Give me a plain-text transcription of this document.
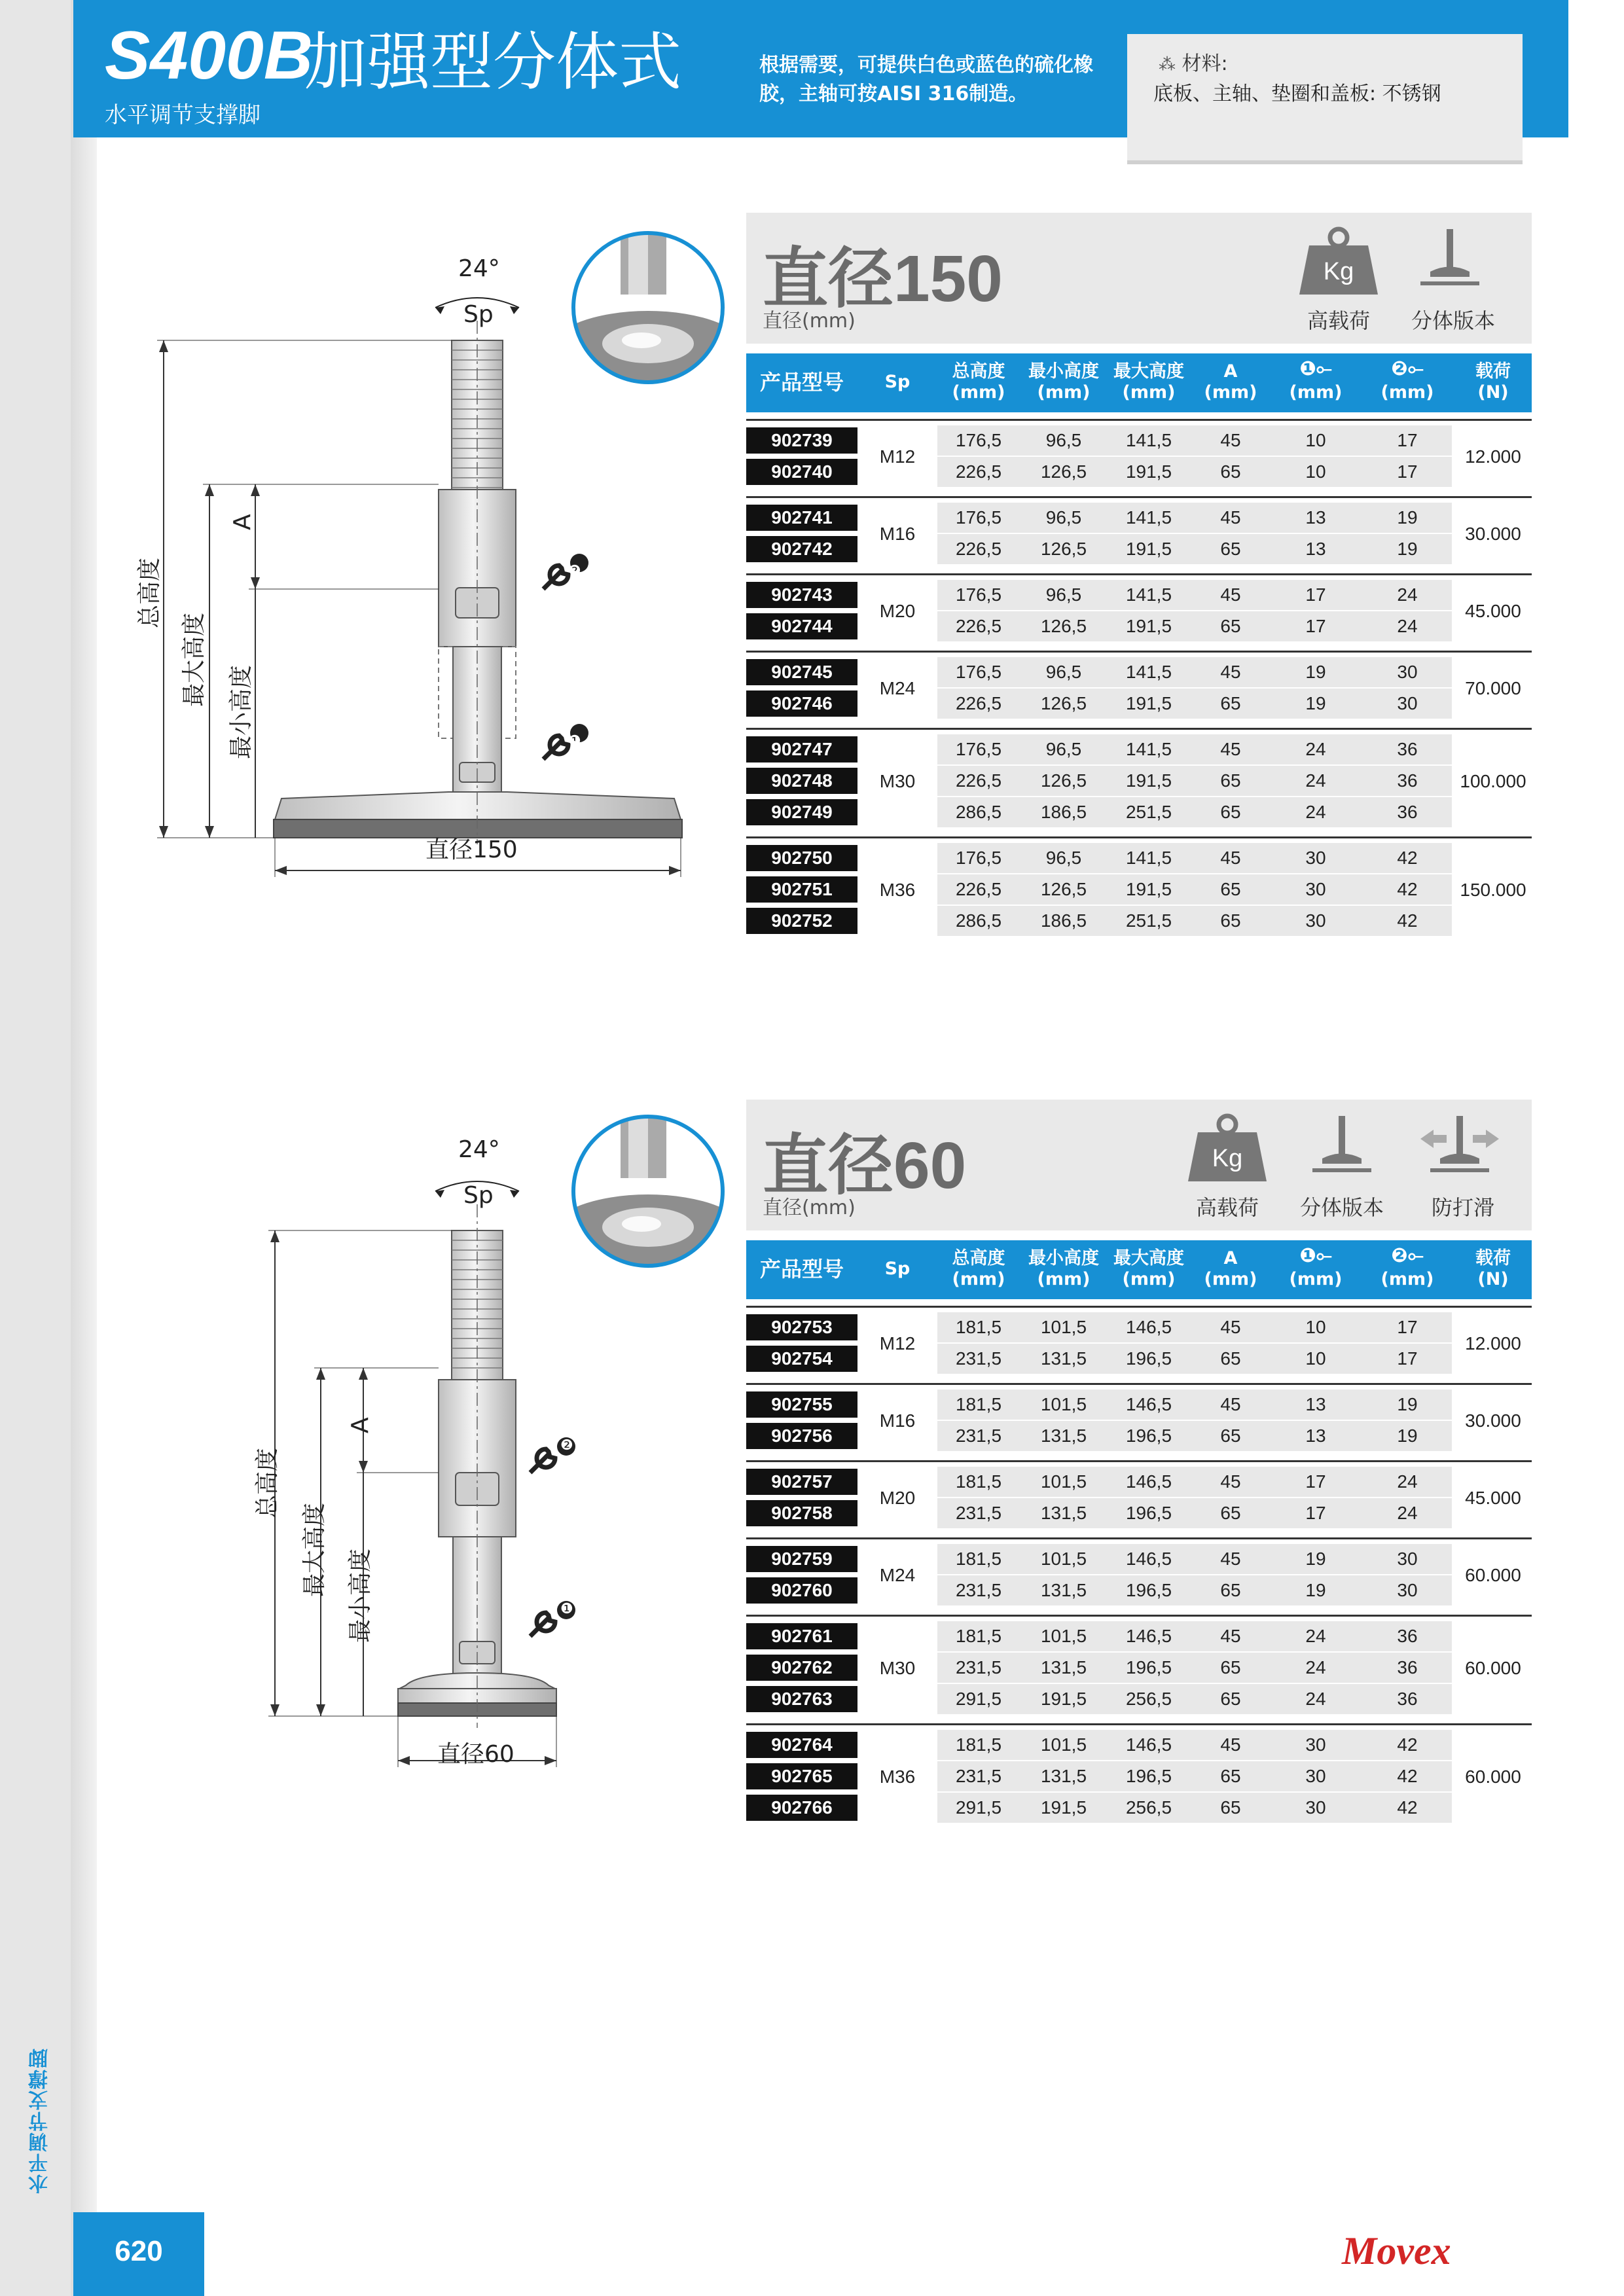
水平调节支撑脚
620
S400B
加强型分体式
水平调节支撑脚
根据需要，可提供白色或蓝色的硫化橡胶，主轴可按AISI 316制造。
⁂ 材料:
底板、主轴、垫圈和盖板: 不锈钢
24°
Sp
A
总高度
最大高度
最小高度
❷
❶
直径150
直径150
直径(mm)
Kg
高载荷	分体版本
产品型号	Sp
总高度
(mm)
最小高度
(mm)
最大高度
(mm)
A
(mm)
❶⟜
(mm)
❷⟜
(mm)
载荷
(N)
902739	176,5	96,5	141,5	45	10	17
902740	226,5	126,5	191,5	65	10	17
M12	12.000
902741	176,5	96,5	141,5	45	13	19
902742	226,5	126,5	191,5	65	13	19
M16	30.000
902743	176,5	96,5	141,5	45	17	24
902744	226,5	126,5	191,5	65	17	24
M20	45.000
902745	176,5	96,5	141,5	45	19	30
902746	226,5	126,5	191,5	65	19	30
M24	70.000
902747	176,5	96,5	141,5	45	24	36
902748	226,5	126,5	191,5	65	24	36
902749	286,5	186,5	251,5	65	24	36
M30	100.000
902750	176,5	96,5	141,5	45	30	42
902751	226,5	126,5	191,5	65	30	42
902752	286,5	186,5	251,5	65	30	42
M36	150.000
24°
Sp
A
总高度
最大高度 最小高度
❷
❶
直径60
直径60
直径(mm)
Kg
高载荷	分体版本	防打滑
产品型号	Sp
总高度
(mm)
最小高度
(mm)
最大高度
(mm)
A
(mm)
❶⟜
(mm)
❷⟜
(mm)
载荷
(N)
902753	181,5	101,5	146,5	45	10	17
902754	231,5	131,5	196,5	65	10	17
M12	12.000
902755	181,5	101,5	146,5	45	13	19
902756	231,5	131,5	196,5	65	13	19
M16	30.000
902757	181,5	101,5	146,5	45	17	24
902758	231,5	131,5	196,5	65	17	24
M20	45.000
902759	181,5	101,5	146,5	45	19	30
902760	231,5	131,5	196,5	65	19	30
M24	60.000
902761	181,5	101,5	146,5	45	24	36
902762	231,5	131,5	196,5	65	24	36
902763	291,5	191,5	256,5	65	24	36
M30	60.000
902764	181,5	101,5	146,5	45	30	42
902765	231,5	131,5	196,5	65	30	42
902766	291,5	191,5	256,5	65	30	42
M36	60.000
Movex
